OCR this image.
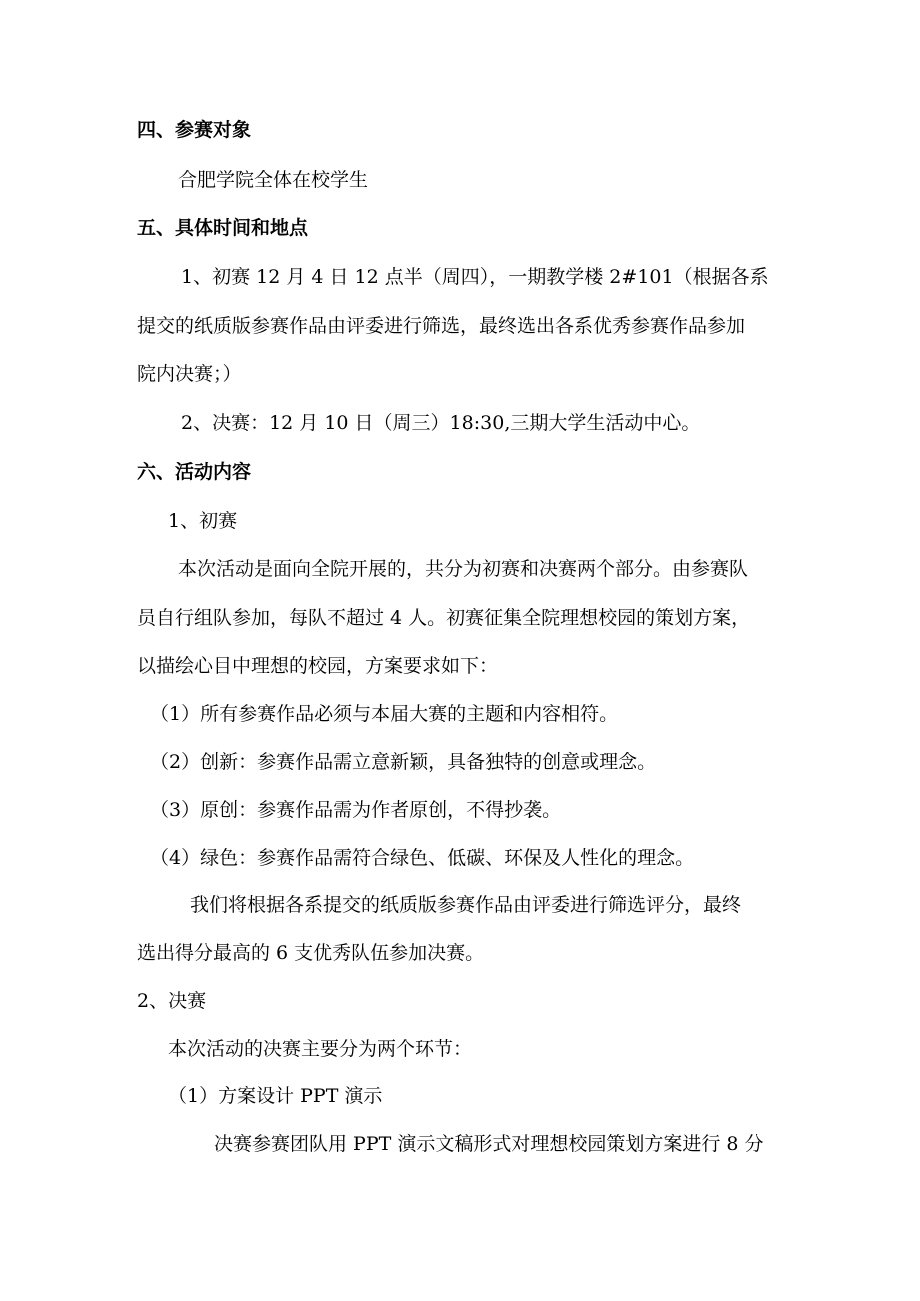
四、参赛对象

合肥学院全体在校学生

五、具体时间和地点

1、初赛 12 月 4 日 12 点半（周四），一期教学楼 2#101（根据各系

提交的纸质版参赛作品由评委进行筛选，最终选出各系优秀参赛作品参加

院内决赛；）

2、决赛：12 月 10 日（周三）18:30,三期大学生活动中心。

六、活动内容

1、初赛

本次活动是面向全院开展的，共分为初赛和决赛两个部分。由参赛队

员自行组队参加，每队不超过 4 人。初赛征集全院理想校园的策划方案，

以描绘心目中理想的校园，方案要求如下：

（1）所有参赛作品必须与本届大赛的主题和内容相符。

（2）创新：参赛作品需立意新颖，具备独特的创意或理念。

（3）原创：参赛作品需为作者原创，不得抄袭。

（4）绿色：参赛作品需符合绿色、低碳、环保及人性化的理念。

我们将根据各系提交的纸质版参赛作品由评委进行筛选评分，最终

选出得分最高的 6 支优秀队伍参加决赛。

2、决赛

本次活动的决赛主要分为两个环节：

（1）方案设计 PPT 演示

决赛参赛团队用 PPT 演示文稿形式对理想校园策划方案进行 8 分
